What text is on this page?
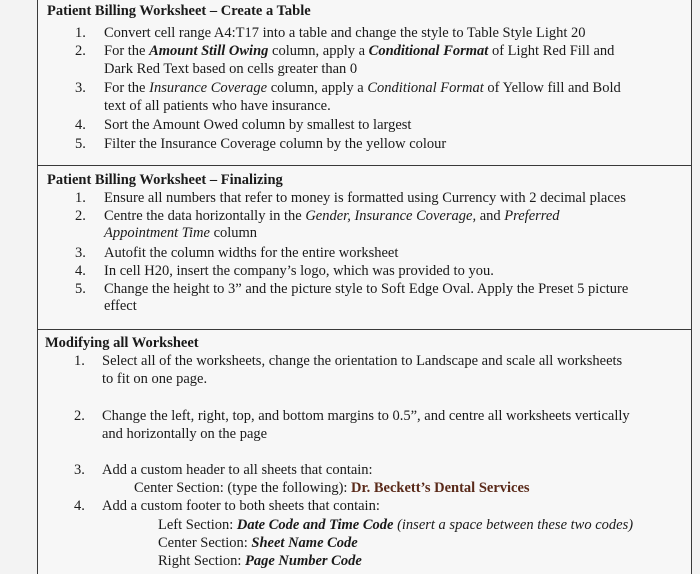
Patient Billing Worksheet – Create a Table
1. Convert cell range A4:T17 into a table and change the style to Table Style Light 20
2. For the Amount Still Owing column, apply a Conditional Format of Light Red Fill and
Dark Red Text based on cells greater than 0
3. For the Insurance Coverage column, apply a Conditional Format of Yellow fill and Bold
text of all patients who have insurance.
4. Sort the Amount Owed column by smallest to largest
5. Filter the Insurance Coverage column by the yellow colour
Patient Billing Worksheet – Finalizing
1. Ensure all numbers that refer to money is formatted using Currency with 2 decimal places
2. Centre the data horizontally in the Gender, Insurance Coverage, and Preferred
Appointment Time column
3. Autofit the column widths for the entire worksheet
4. In cell H20, insert the company’s logo, which was provided to you.
5. Change the height to 3” and the picture style to Soft Edge Oval. Apply the Preset 5 picture
effect
Modifying all Worksheet
1. Select all of the worksheets, change the orientation to Landscape and scale all worksheets
to fit on one page.
2. Change the left, right, top, and bottom margins to 0.5”, and centre all worksheets vertically
and horizontally on the page
3. Add a custom header to all sheets that contain:
Center Section: (type the following): Dr. Beckett’s Dental Services
4. Add a custom footer to both sheets that contain:
Left Section: Date Code and Time Code (insert a space between these two codes)
Center Section: Sheet Name Code
Right Section: Page Number Code
